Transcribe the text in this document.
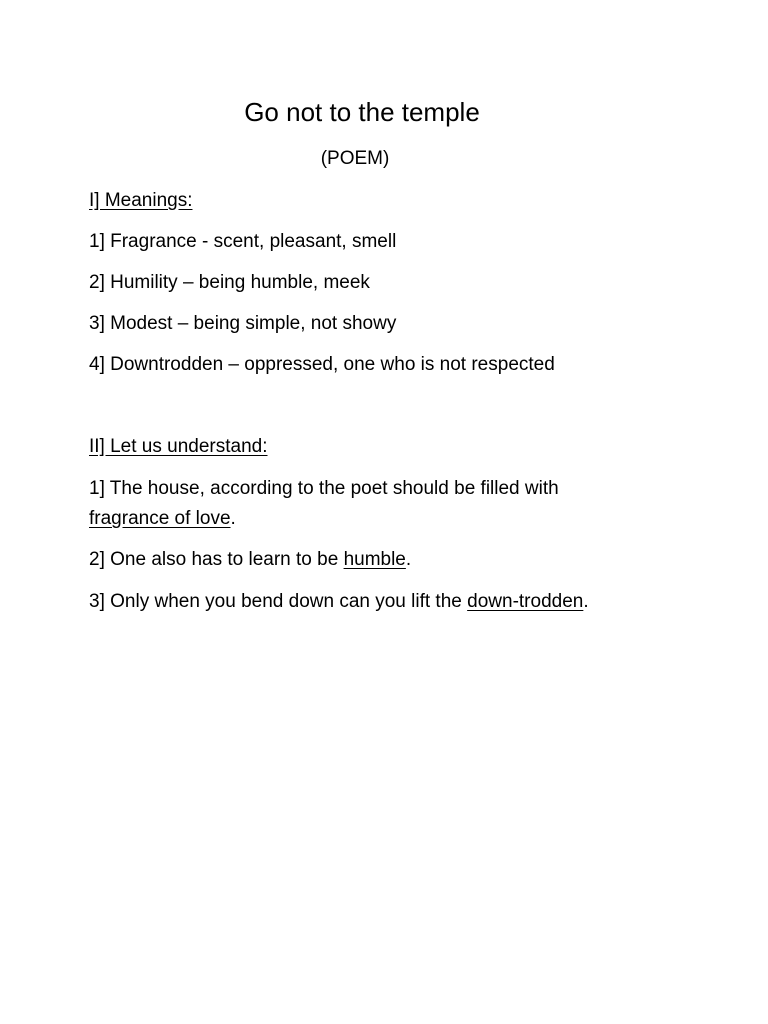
Go not to the temple
(POEM)
I] Meanings:
1] Fragrance - scent, pleasant, smell
2] Humility – being humble, meek
3] Modest – being simple, not showy
4] Downtrodden – oppressed, one who is not respected
II] Let us understand:
1] The house, according to the poet should be filled with
fragrance of love.
2] One also has to learn to be humble.
3] Only when you bend down can you lift the down-trodden.
